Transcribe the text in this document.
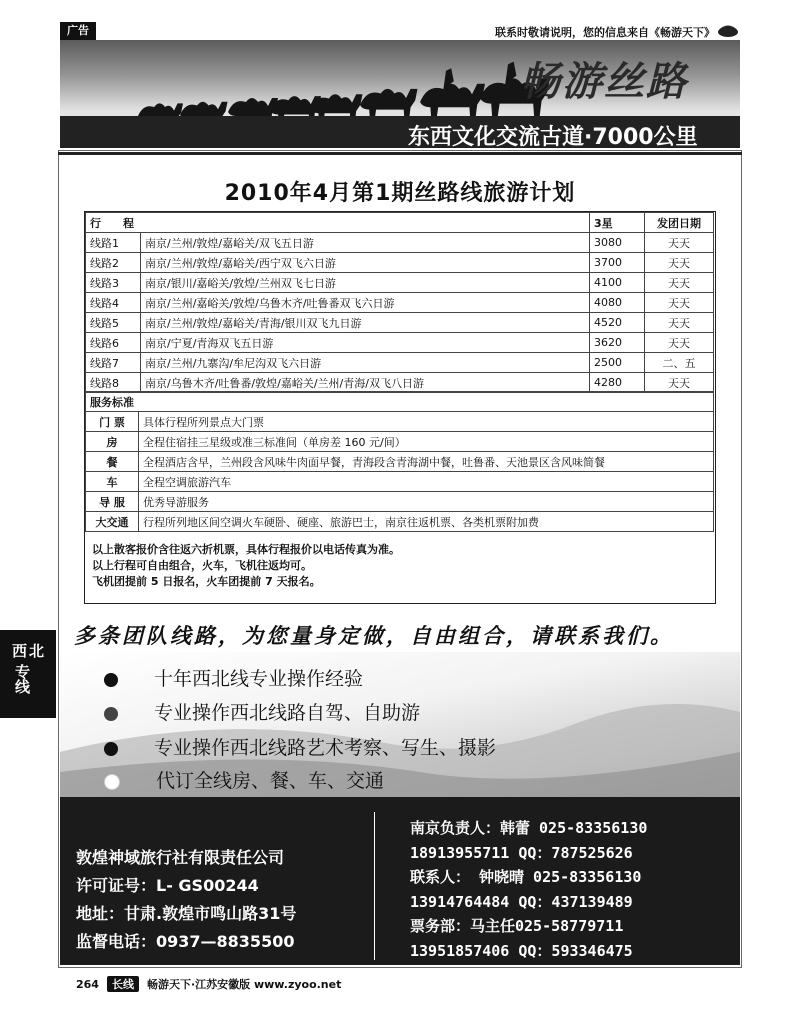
广告	联系时敬请说明，您的信息来自《畅游天下》
畅游丝路
东西文化交流古道·7000公里
西北
专线
2010年4月第1期丝路线旅游计划
行　　程		3星	发团日期
线路1	南京/兰州/敦煌/嘉峪关/双飞五日游	3080	天天
线路2	南京/兰州/敦煌/嘉峪关/西宁双飞六日游	3700	天天
线路3	南京/银川/嘉峪关/敦煌/兰州双飞七日游	4100	天天
线路4	南京/兰州/嘉峪关/敦煌/乌鲁木齐/吐鲁番双飞六日游	4080	天天
线路5	南京/兰州/敦煌/嘉峪关/青海/银川双飞九日游	4520	天天
线路6	南京/宁夏/青海双飞五日游	3620	天天
线路7	南京/兰州/九寨沟/牟尼沟双飞六日游	2500	二、五
线路8	南京/乌鲁木齐/吐鲁番/敦煌/嘉峪关/兰州/青海/双飞八日游	4280	天天
服务标准	
门 票	具体行程所列景点大门票
房	全程住宿挂三星级或准三标准间（单房差 160 元/间）
餐	全程酒店含早，兰州段含风味牛肉面早餐，青海段含青海湖中餐，吐鲁番、天池景区含风味简餐
车	全程空调旅游汽车
导 服	优秀导游服务
大交通	行程所列地区间空调火车硬卧、硬座、旅游巴士，南京往返机票、各类机票附加费
以上散客报价含往返六折机票，具体行程报价以电话传真为准。
以上行程可自由组合，火车，飞机往返均可。
飞机团提前 5 日报名，火车团提前 7 天报名。
多条团队线路，为您量身定做，自由组合，请联系我们。
十年西北线专业操作经验
专业操作西北线路自驾、自助游
专业操作西北线路艺术考察、写生、摄影
代订全线房、餐、车、交通
敦煌神域旅行社有限责任公司
许可证号：L- GS00244
地址：甘肃.敦煌市鸣山路31号
监督电话：0937—8835500
南京负责人：韩蕾 025-83356130
18913955711 QQ：787525626
联系人： 钟晓晴 025-83356130
13914764484 QQ：437139489
票务部：马主任025-58779711
13951857406 QQ：593346475
264 长线 畅游天下·江苏安徽版 www.zyoo.net
